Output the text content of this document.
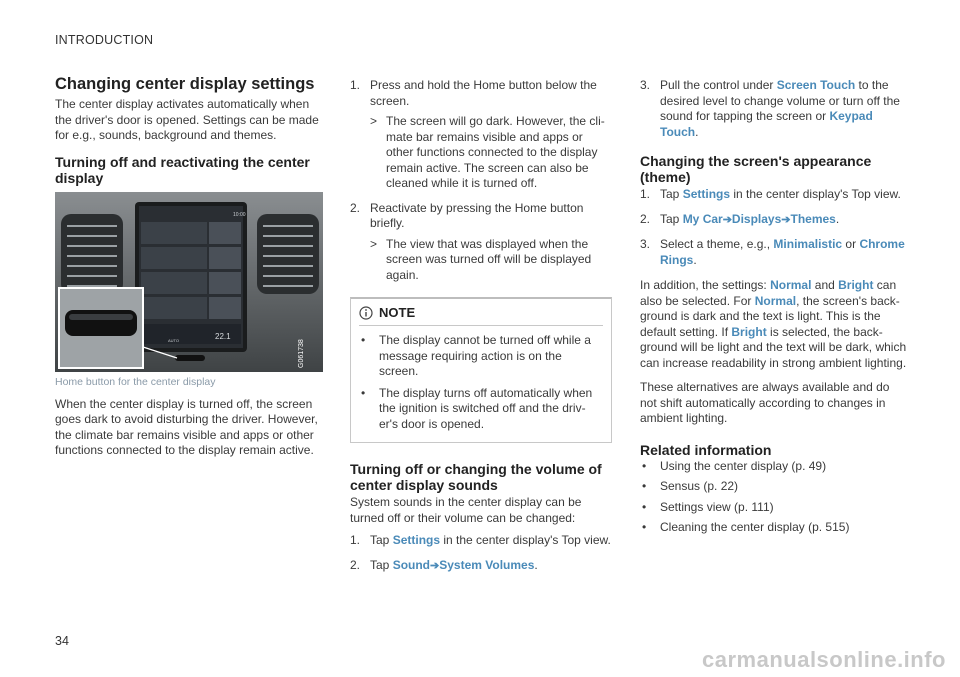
INTRODUCTION
Changing center display settings

The center display activates automatically when the driver's door is opened. Settings can be made for e.g., sounds, background and themes.

Turning off and reactivating the center display
10:00
22.1
AUTO	G061738
Home button for the center display

When the center display is turned off, the screen goes dark to avoid disturbing the driver. However, the climate bar remains visible and apps or other functions connected to the display remain active.

1. Press and hold the Home button below the screen.
> The screen will go dark. However, the cli-mate bar remains visible and apps or other functions connected to the display remain active. The screen can also be cleaned while it is turned off.
2. Reactivate by pressing the Home button briefly.
> The view that was displayed when the screen was turned off will be displayed again.
NOTE
• The display cannot be turned off while a message requiring action is on the screen.
• The display turns off automatically when the ignition is switched off and the driv-er's door is opened.
Turning off or changing the volume of center display sounds

System sounds in the center display can be turned off or their volume can be changed:

1. Tap Settings in the center display's Top view.
2. Tap Sound➔System Volumes.
3. Pull the control under Screen Touch to the desired level to change volume or turn off the sound for tapping the screen or Keypad Touch.
Changing the screen's appearance (theme)
1. Tap Settings in the center display's Top view.
2. Tap My Car➔Displays➔Themes.
3. Select a theme, e.g., Minimalistic or Chrome Rings.

In addition, the settings: Normal and Bright can also be selected. For Normal, the screen's back-ground is dark and the text is light. This is the default setting. If Bright is selected, the back-ground will be light and the text will be dark, which can increase readability in strong ambient lighting.

These alternatives are always available and do not shift automatically according to changes in ambient lighting.

Related information
• Using the center display (p. 49)
• Sensus (p. 22)
• Settings view (p. 111)
• Cleaning the center display (p. 515)
34
carmanualsonline.info
